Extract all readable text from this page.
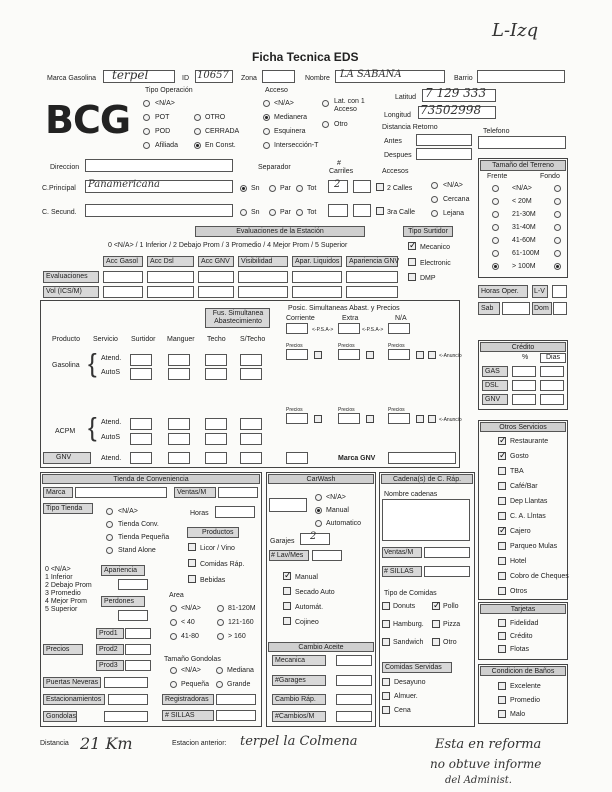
Ficha Tecnica EDS
L-Izq
Marca Gasolina terpel	ID 10657 Zona	Nombre LA SABANA	Barrio
BCG
Tipo Operación
<N/A>
POT
POD
Afiliada
OTRO
CERRADA
En Const.
Acceso
<N/A>
Medianera
Esquinera
Intersección-T
Lat. con 1 Acceso
Otro
Latitud 7 129 333
Longitud 73502998
Distancia Retorno
Antes
Despues
Telefono
Direccion	Separador
# Carriles	Accesos
C.Principal Panamericana	Sn	Par Tot 2	2 Calles	<N/A>
Cercana
Lejana
C. Secund.	Sn	Par Tot	3ra Calle
Tamaño del Terreno
Frente	Fondo
Evaluaciones de la Estación
0 <N/A> / 1 Inferior / 2 Debajo Prom / 3 Promedio / 4 Mejor Prom / 5 Superior
Tipo Surtidor
✓
Mecanico
Electronic
DMP
Evaluaciones
Vol (ICS/M)	Horas Oper. L-V
Sab	Dom
Fus. Simultanea Abastecimiento
Posic. Simultaneas Abast. y Precios
Corriente	Extra	N/A
<-P.S.A->	<-P.S.A->
Producto Servicio Surtidor Manguer Techo S/Techo
Gasolina { Atend.
AutoS
ACPM { Atend.
AutoS
GNV	Atend.	Marca GNV
Crédito
%	Dias
Otros Servicios
Tarjetas
Condicion de Baños
Tienda de Conveniencia
Marca	Ventas/M
Tipo Tienda
Horas
Productos
Licor / Vino
Comidas Ráp.
Bebidas
Apariencia
Perdones
Area
Prod1
Precios	Prod2
Prod3
Tamaño Gondolas
Puertas Neveras
Estacionamientos
Gondolas
Registradoras
# SILLAS
CarWash
<N/A>
Manual
Automatico
Garajes 2
# Lav/Mes
✓
Manual
Secado Auto
Automát.
Cojineo
Cambio Aceite
Mecanica
#Garages
Cambio Ráp.
#Cambios/M
Cadena(s) de C. Ráp.
Nombre cadenas
Ventas/M
# SILLAS
Tipo de Comidas
Comidas Servidas
Distancia 21 Km	Estacion anterior: terpel la Colmena	Esta en reforma
no obtuve informe
del Administ.
<N/A>
< 20M
21-30M
31-40M
41-60M
61-100M
> 100M
Acc Gasol Acc Dsl	Acc GNV Visibilidad	Apar. Liquidos Apariencia GNV
Precios	Precios	Precios
<-Anuncio
Precios	Precios	Precios
<-Anuncio
GAS
DSL
GNV
✓
Restaurante
✓
Gosto
TBA
Café/Bar
Dep Llantas
C. A. Llntas
✓
Cajero
Parqueo Mulas
Hotel
Cobro de Cheques
Otros
Fidelidad
Crédito
Flotas
Excelente
Promedio
Malo
<N/A>
Tienda Conv.
Tienda Pequeña
Stand Alone
0 <N/A>
1 Inferior
2 Debajo Prom
3 Promedio
4 Mejor Prom
5 Superior	<N/A>
< 40
41-80
81-120M
121-160
> 160
<N/A>
Pequeña
Mediana
Grande
Donuts
✓	Pollo
Hamburg.	Pizza
Sandwich	Otro
Desayuno
Almuer.
Cena
